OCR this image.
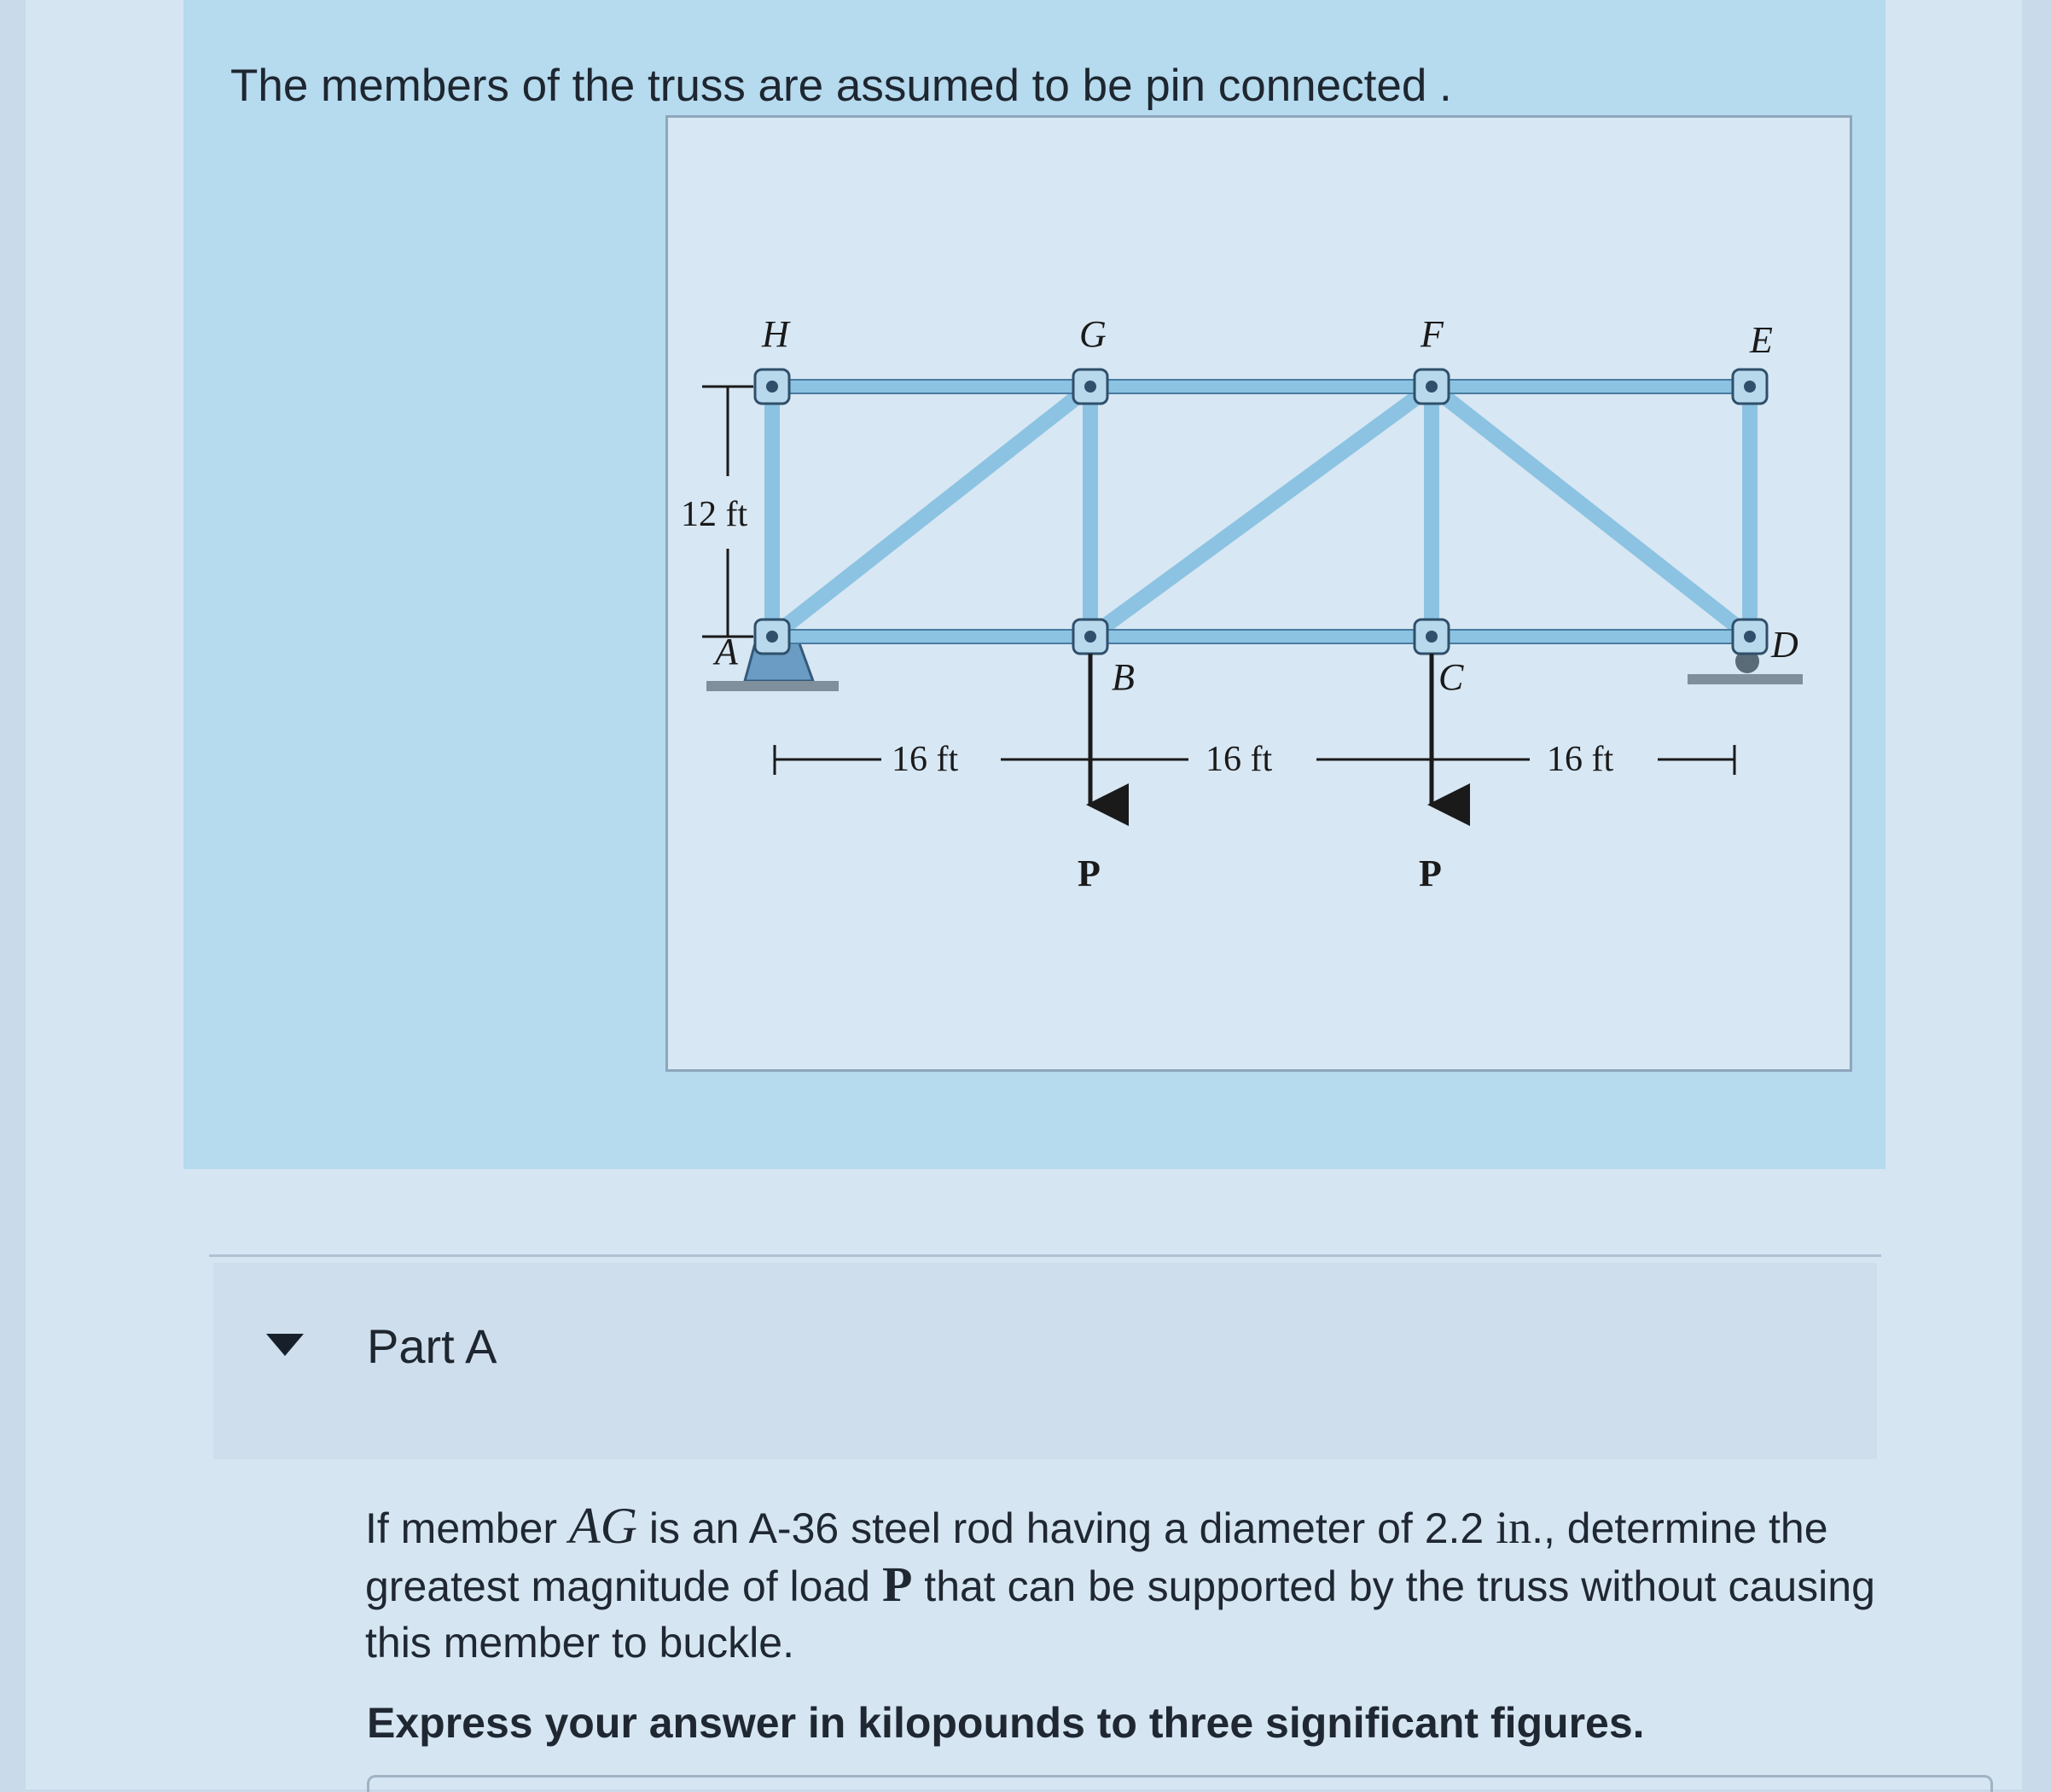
The members of the truss are assumed to be pin connected .
H	G	F	E
A
B	C
D
12 ft
16 ft	16 ft	16 ft
P	P
Part A
If member AG is an A-36 steel rod having a diameter of 2.2 in., determine the greatest magnitude of load P that can be supported by the truss without causing this member to buckle.
Express your answer in kilopounds to three significant figures.
